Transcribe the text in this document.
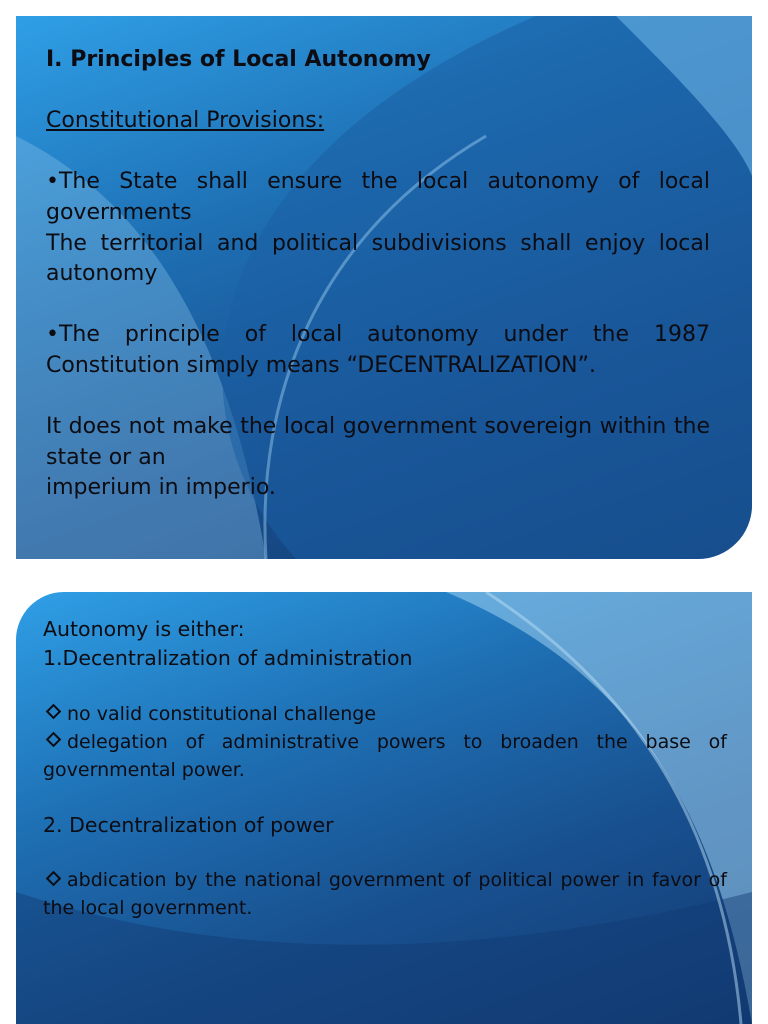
I. Principles of Local Autonomy
Constitutional Provisions:
•The State shall ensure the local autonomy of local governments
The territorial and political subdivisions shall enjoy local autonomy
•The principle of local autonomy under the 1987 Constitution simply means “DECENTRALIZATION”.
It does not make the local government sovereign within the state or an
imperium in imperio.
Autonomy is either:
1.Decentralization of administration
no valid constitutional challenge
delegation of administrative powers to broaden the base of governmental power.
2. Decentralization of power
abdication by the national government of political power in favor of the local government.
